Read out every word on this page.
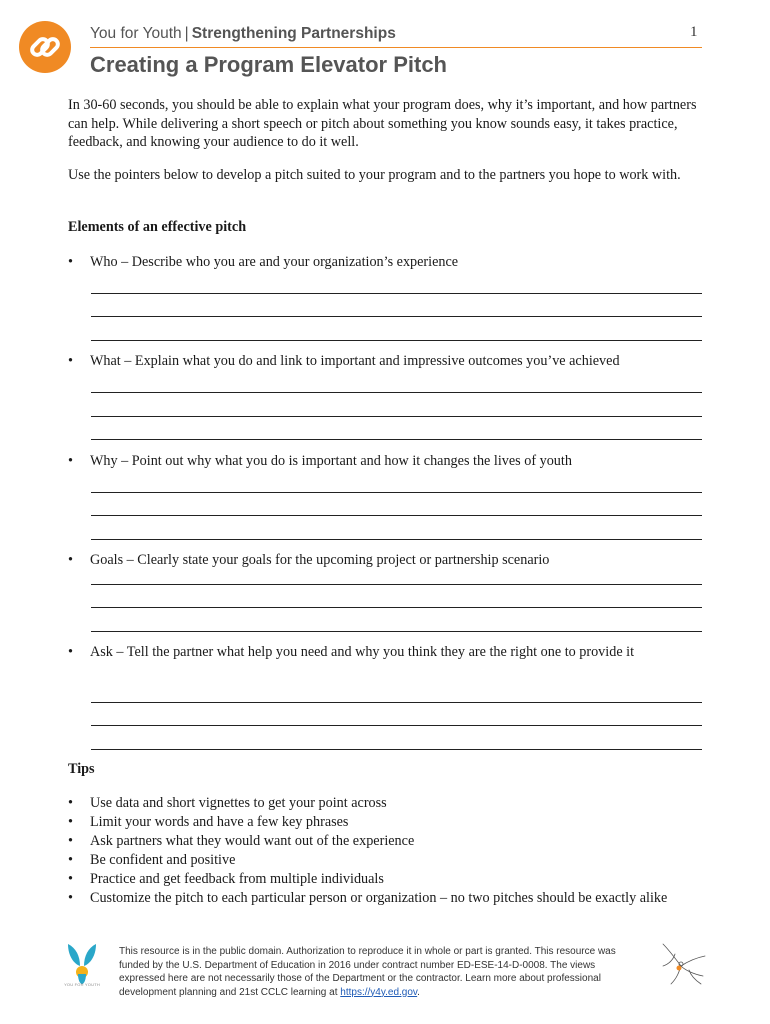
You for Youth | Strengthening Partnerships	1
Creating a Program Elevator Pitch

In 30-60 seconds, you should be able to explain what your program does, why it’s important, and how partners can help. While delivering a short speech or pitch about something you know sounds easy, it takes practice, feedback, and knowing your audience to do it well.

Use the pointers below to develop a pitch suited to your program and to the partners you hope to work with.

Elements of an effective pitch

• Who – Describe who you are and your organization’s experience
• What – Explain what you do and link to important and impressive outcomes you’ve achieved
• Why – Point out why what you do is important and how it changes the lives of youth
• Goals – Clearly state your goals for the upcoming project or partnership scenario
• Ask – Tell the partner what help you need and why you think they are the right one to provide it

Tips

• Use data and short vignettes to get your point across
• Limit your words and have a few key phrases
• Ask partners what they would want out of the experience
• Be confident and positive
• Practice and get feedback from multiple individuals
• Customize the pitch to each particular person or organization – no two pitches should be exactly alike
YOU FOR YOUTH
This resource is in the public domain. Authorization to reproduce it in whole or part is granted. This resource was funded by the U.S. Department of Education in 2016 under contract number ED-ESE-14-D-0008. The views expressed here are not necessarily those of the Department or the contractor. Learn more about professional development planning and 21st CCLC learning at https://y4y.ed.gov.
